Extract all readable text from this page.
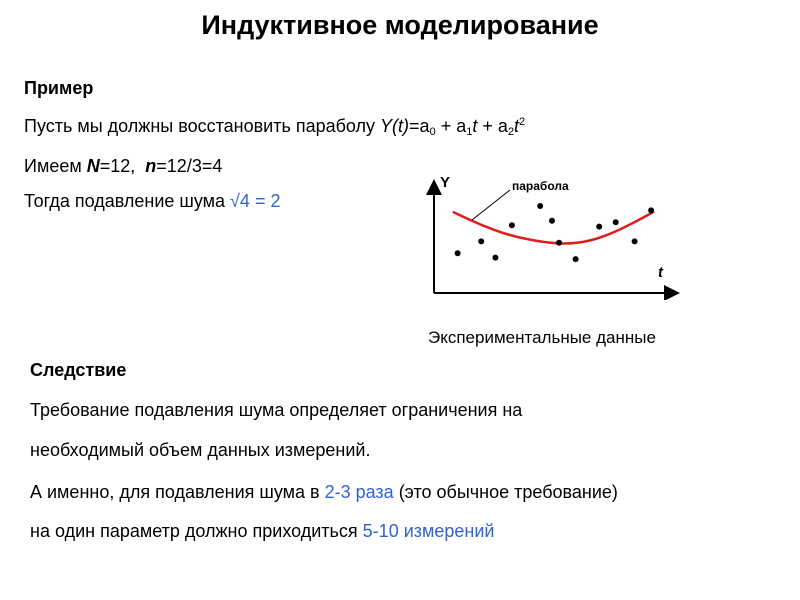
Индуктивное моделирование
Пример
Пусть мы должны восстановить параболу $Y(t)=a_0 + a_1t + a_2t^2$
Имеем N=12, n=12/3=4
Тогда подавление шума √4 = 2
Y
t
парабола
Экспериментальные данные
Следствие
Требование подавления шума определяет ограничения на
необходимый объем данных измерений.
А именно, для подавления шума в 2-3 раза (это обычное требование)
на один параметр должно приходиться 5-10 измерений
